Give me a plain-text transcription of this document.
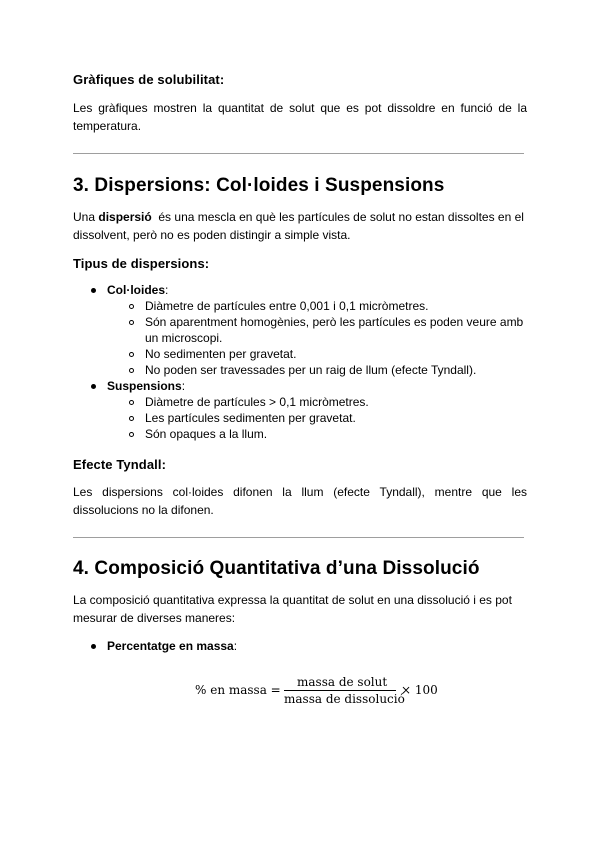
Gràfiques de solubilitat:
Les gràfiques mostren la quantitat de solut que es pot dissoldre en funció de la temperatura.
3. Dispersions: Col·loides i Suspensions
Una dispersió  és una mescla en què les partícules de solut no estan dissoltes en el dissolvent, però no es poden distingir a simple vista.
Tipus de dispersions:
Col·loides:
Diàmetre de partícules entre 0,001 i 0,1 micròmetres.
Són aparentment homogènies, però les partícules es poden veure amb un microscopi.
No sedimenten per gravetat.
No poden ser travessades per un raig de llum (efecte Tyndall).
Suspensions:
Diàmetre de partícules > 0,1 micròmetres.
Les partícules sedimenten per gravetat.
Són opaques a la llum.
Efecte Tyndall:
Les dispersions col·loides difonen la llum (efecte Tyndall), mentre que les dissolucions no la difonen.
4. Composició Quantitativa d’una Dissolució
La composició quantitativa expressa la quantitat de solut en una dissolució i es pot mesurar de diverses maneres:
Percentatge en massa:
% en massa =
massa de solut
massa de dissolució
× 100
